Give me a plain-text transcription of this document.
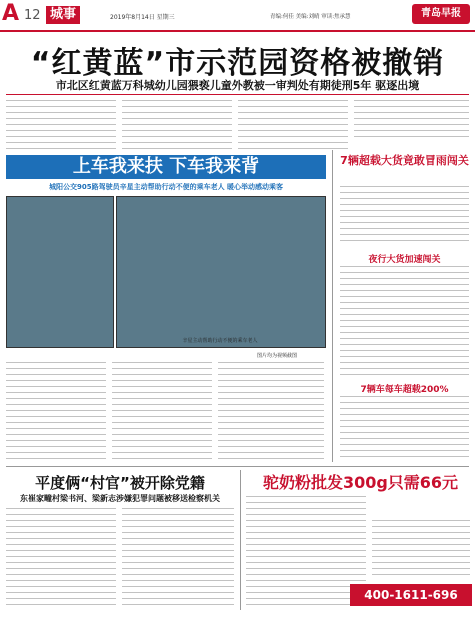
A 12 城事	2019年8月14日 星期三	青编:何佳 美编:刘晴 审读:焦承慧	青岛早报
“红黄蓝”市示范园资格被撤销
市北区红黄蓝万科城幼儿园猥亵儿童外教被一审判处有期徒刑5年 驱逐出境
上车我来扶 下车我来背
城阳公交905路驾驶员辛星主动帮助行动不便的乘车老人 暖心举动感动乘客
辛星主动帮助行动不便的乘车老人
图片均为视频截图
7辆超载大货竟敢冒雨闯关
夜行大货加速闯关
7辆车每车超载200%
平度俩“村官”被开除党籍
东崔家疃村梁书河、梁新志涉嫌犯罪问题被移送检察机关
驼奶粉批发300g只需66元
400-1611-696
